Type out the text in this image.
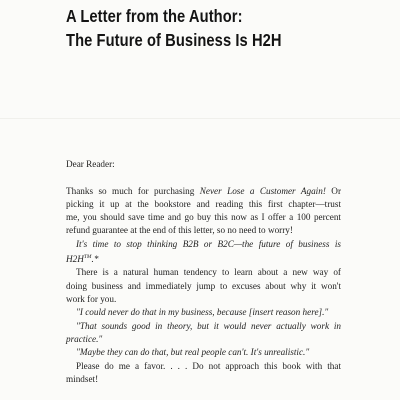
A Letter from the Author:
The Future of Business Is H2H

Dear Reader:

Thanks so much for purchasing Never Lose a Customer Again! Or
picking it up at the bookstore and reading this first chapter—trust
me, you should save time and go buy this now as I offer a 100 percent
refund guarantee at the end of this letter, so no need to worry!

It's time to stop thinking B2B or B2C—the future of business is
H2H™.*

There is a natural human tendency to learn about a new way of
doing business and immediately jump to excuses about why it won't
work for you.

"I could never do that in my business, because [insert reason here]."

"That sounds good in theory, but it would never actually work in
practice."

"Maybe they can do that, but real people can't. It's unrealistic."

Please do me a favor. . . . Do not approach this book with that
mindset!
